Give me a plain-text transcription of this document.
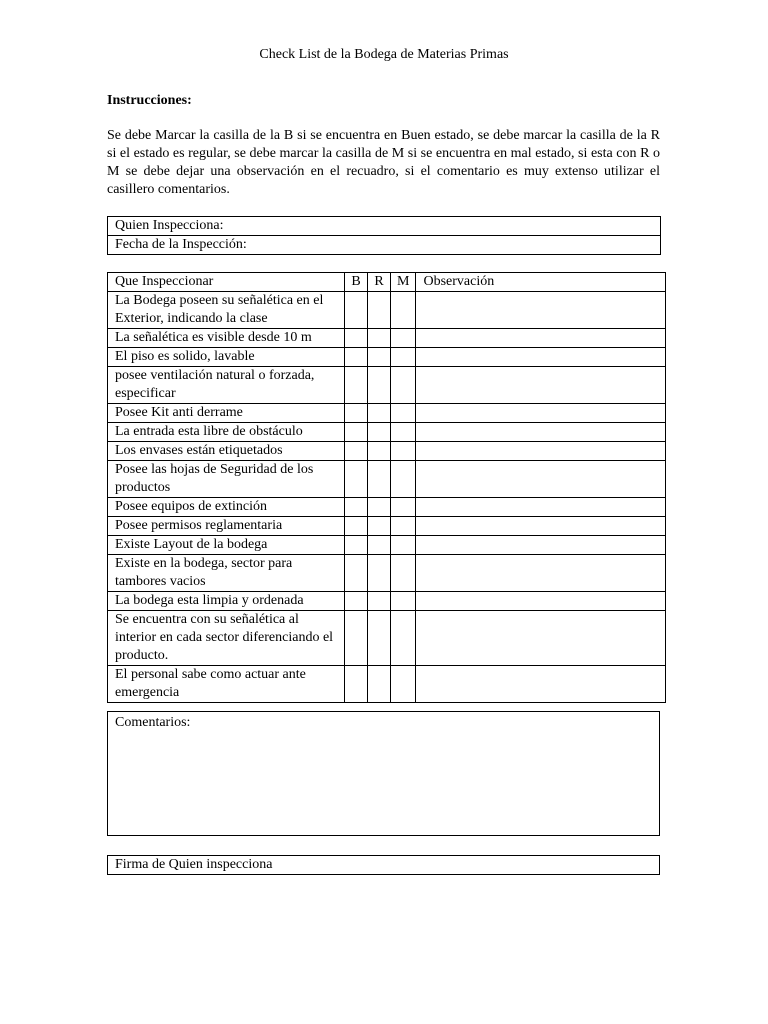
Check List de la Bodega de Materias Primas
Instrucciones:
Se debe Marcar la casilla de la B si se encuentra en Buen estado, se debe marcar la casilla de la R si el estado es regular, se debe marcar la casilla de M si se encuentra en mal estado, si esta con R o M se debe dejar una observación en el recuadro, si el comentario es muy extenso utilizar el casillero comentarios.
Quien Inspecciona:
Fecha de la Inspección:
Que Inspeccionar	B	R	M	Observación
La Bodega poseen su señalética en el Exterior, indicando la clase				
La señalética es visible desde 10 m				
El piso es solido, lavable				
posee ventilación natural o forzada, especificar				
Posee Kit anti derrame				
La entrada esta libre de obstáculo				
Los envases están etiquetados				
Posee las hojas de Seguridad de los productos				
Posee equipos de extinción				
Posee permisos reglamentaria				
Existe Layout de la bodega				
Existe en la bodega, sector para tambores vacios				
La bodega esta limpia y ordenada				
Se encuentra con su señalética al interior en cada sector diferenciando el producto.				
El personal sabe como actuar ante emergencia				
Comentarios:
Firma de Quien inspecciona
